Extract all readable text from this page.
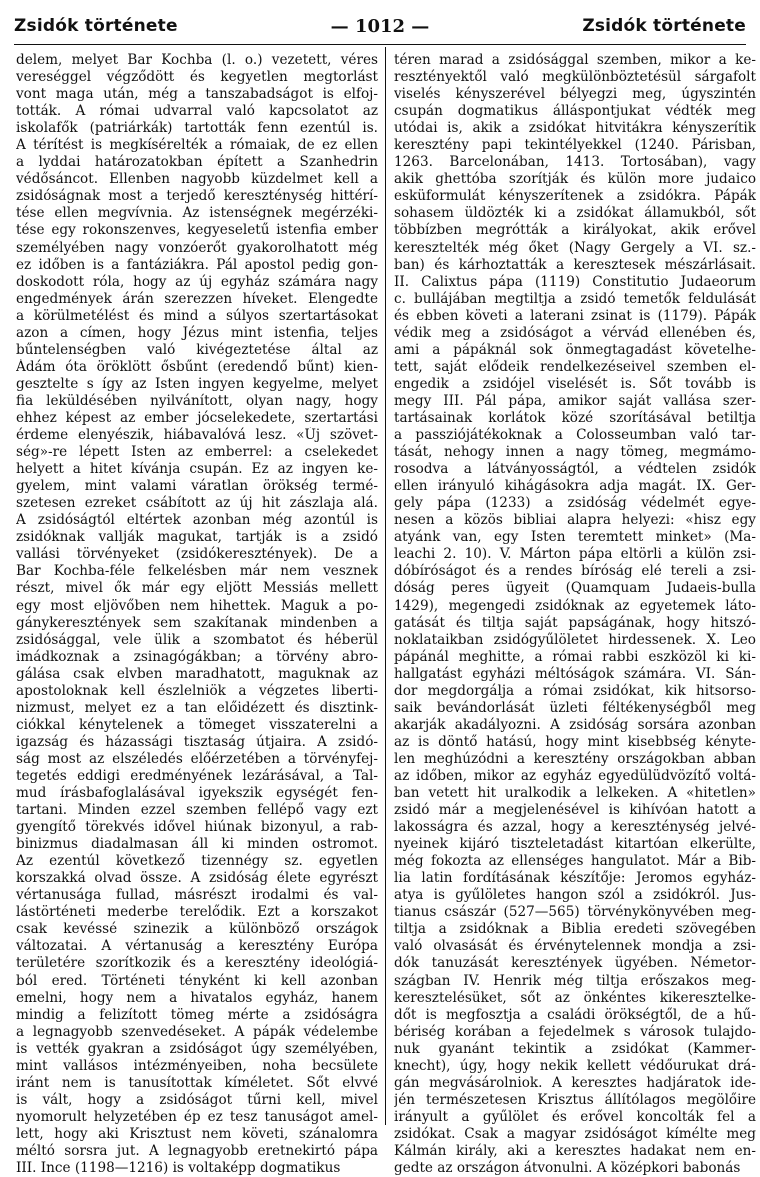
Zsidók története	— 1012 —	Zsidók története

delem, melyet Bar Kochba (l. o.) vezetett, véres

vereséggel végződött és kegyetlen megtorlást

vont maga után, még a tanszabadságot is elfoj-

tották. A római udvarral való kapcsolatot az

iskolafők (patriárkák) tartották fenn ezentúl is.

A térítést is megkísérelték a rómaiak, de ez ellen

a lyddai határozatokban épített a Szanhedrin

védősáncot. Ellenben nagyobb küzdelmet kell a

zsidóságnak most a terjedő kereszténység hittérí-

tése ellen megvívnia. Az istenségnek megérzéki-

tése egy rokonszenves, kegyeseletű istenfia ember

személyében nagy vonzóerőt gyakorolhatott még

ez időben is a fantáziákra. Pál apostol pedig gon-

doskodott róla, hogy az új egyház számára nagy

engedmények árán szerezzen híveket. Elengedte

a körülmetélést és mind a súlyos szertartásokat

azon a címen, hogy Jézus mint istenfia, teljes

bűntelenségben való kivégeztetése által az

Ádám óta öröklött ősbűnt (eredendő bűnt) kien-

gesztelte s így az Isten ingyen kegyelme, melyet

fia leküldésében nyilvánított, olyan nagy, hogy

ehhez képest az ember jócselekedete, szertartási

érdeme elenyészik, hiábavalóvá lesz. «Új szövet-

ség»-re lépett Isten az emberrel: a cselekedet

helyett a hitet kívánja csupán. Ez az ingyen ke-

gyelem, mint valami váratlan örökség termé-

szetesen ezreket csábított az új hit zászlaja alá.

A zsidóságtól eltértek azonban még azontúl is

zsidóknak vallják magukat, tartják is a zsidó

vallási törvényeket (zsidókeresztények). De a

Bar Kochba-féle felkelésben már nem vesznek

részt, mivel ők már egy eljött Messiás mellett

egy most eljövőben nem hihettek. Maguk a po-

gánykeresztények sem szakítanak mindenben a

zsidósággal, vele ülik a szombatot és héberül

imádkoznak a zsinagógákban; a törvény abro-

gálása csak elvben maradhatott, maguknak az

apostoloknak kell észlelniök a végzetes liberti-

nizmust, melyet ez a tan előidézett és disztink-

ciókkal kénytelenek a tömeget visszaterelni a

igazság és házassági tisztaság útjaira. A zsidó-

ság most az elszéledés előérzetében a törvényfej-

tegetés eddigi eredményének lezárásával, a Tal-

mud írásbafoglalásával igyekszik egységét fen-

tartani. Minden ezzel szemben fellépő vagy ezt

gyengítő törekvés idővel hiúnak bizonyul, a rab-

binizmus diadalmasan áll ki minden ostromot.

Az ezentúl következő tizennégy sz. egyetlen

korszakká olvad össze. A zsidóság élete egyrészt

vértanusága fullad, másrészt irodalmi és val-

lástörténeti mederbe terelődik. Ezt a korszakot

csak kevéssé szinezik a különböző országok

változatai. A vértanuság a keresztény Európa

területére szorítkozik és a keresztény ideológiá-

ból ered. Történeti tényként ki kell azonban

emelni, hogy nem a hivatalos egyház, hanem

mindig a felizított tömeg mérte a zsidóságra

a legnagyobb szenvedéseket. A pápák védelembe

is vették gyakran a zsidóságot úgy személyében,

mint vallásos intézményeiben, noha becsülete

iránt nem is tanusítottak kíméletet. Sőt elvvé

is vált, hogy a zsidóságot tűrni kell, mivel

nyomorult helyzetében ép ez tesz tanuságot amel-

lett, hogy aki Krisztust nem követi, szánalomra

méltó sorsra jut. A legnagyobb eretnekirtó pápa

III. Ince (1198—1216) is voltaképp dogmatikus

téren marad a zsidósággal szemben, mikor a ke-

resztényektől való megkülönböztetésül sárgafolt

viselés kényszerével bélyegzi meg, úgyszintén

csupán dogmatikus álláspontjukat védték meg

utódai is, akik a zsidókat hitvitákra kényszerítik

keresztény papi tekintélyekkel (1240. Párisban,

1263. Barcelonában, 1413. Tortosában), vagy

akik ghettóba szorítják és külön more judaico

esküformulát kényszerítenek a zsidókra. Pápák

sohasem üldözték ki a zsidókat államukból, sőt

többízben megrótták a királyokat, akik erővel

keresztelték még őket (Nagy Gergely a VI. sz.-

ban) és kárhoztatták a keresztesek mészárlásait.

II. Calixtus pápa (1119) Constitutio Judaeorum

c. bullájában megtiltja a zsidó temetők feldulását

és ebben követi a laterani zsinat is (1179). Pápák

védik meg a zsidóságot a vérvád ellenében és,

ami a pápáknál sok önmegtagadást követelhe-

tett, saját elődeik rendelkezéseivel szemben el-

engedik a zsidójel viselését is. Sőt tovább is

megy III. Pál pápa, amikor saját vallása szer-

tartásainak korlátok közé szorításával betiltja

a passziójátékoknak a Colosseumban való tar-

tását, nehogy innen a nagy tömeg, megmámo-

rosodva a látványosságtól, a védtelen zsidók

ellen irányuló kihágásokra adja magát. IX. Ger-

gely pápa (1233) a zsidóság védelmét egye-

nesen a közös bibliai alapra helyezi: «hisz egy

atyánk van, egy Isten teremtett minket» (Ma-

leachi 2. 10). V. Márton pápa eltörli a külön zsi-

dóbíróságot és a rendes bíróság elé tereli a zsi-

dóság peres ügyeit (Quamquam Judaeis-bulla

1429), megengedi zsidóknak az egyetemek láto-

gatását és tiltja saját papságának, hogy hitszó-

noklataikban zsidógyűlöletet hirdessenek. X. Leo

pápánál meghitte, a római rabbi eszközöl ki ki-

hallgatást egyházi méltóságok számára. VI. Sán-

dor megdorgálja a római zsidókat, kik hitsorso-

saik bevándorlását üzleti féltékenységből meg

akarják akadályozni. A zsidóság sorsára azonban

az is döntő hatású, hogy mint kisebbség kényte-

len meghúzódni a keresztény országokban abban

az időben, mikor az egyház egyedülüdvözítő voltá-

ban vetett hit uralkodik a lelkeken. A «hitetlen»

zsidó már a megjelenésével is kihívóan hatott a

lakosságra és azzal, hogy a kereszténység jelvé-

nyeinek kijáró tiszteletadást kitartóan elkerülte,

még fokozta az ellenséges hangulatot. Már a Bib-

lia latin fordításának készítője: Jeromos egyház-

atya is gyűlöletes hangon szól a zsidókról. Jus-

tianus császár (527—565) törvénykönyvében meg-

tiltja a zsidóknak a Biblia eredeti szövegében

való olvasását és érvénytelennek mondja a zsi-

dók tanuzását keresztények ügyében. Németor-

szágban IV. Henrik még tiltja erőszakos meg-

keresztelésüket, sőt az önkéntes kikeresztelke-

dőt is megfosztja a családi örökségtől, de a hű-

bériség korában a fejedelmek s városok tulajdo-

nuk gyanánt tekintik a zsidókat (Kammer-

knecht), úgy, hogy nekik kellett védőurukat drá-

gán megvásárolniok. A keresztes hadjáratok ide-

jén természetesen Krisztus állítólagos megölőire

irányult a gyűlölet és erővel koncolták fel a

zsidókat. Csak a magyar zsidóságot kímélte meg

Kálmán király, aki a keresztes hadakat nem en-

gedte az országon átvonulni. A középkori babonás
